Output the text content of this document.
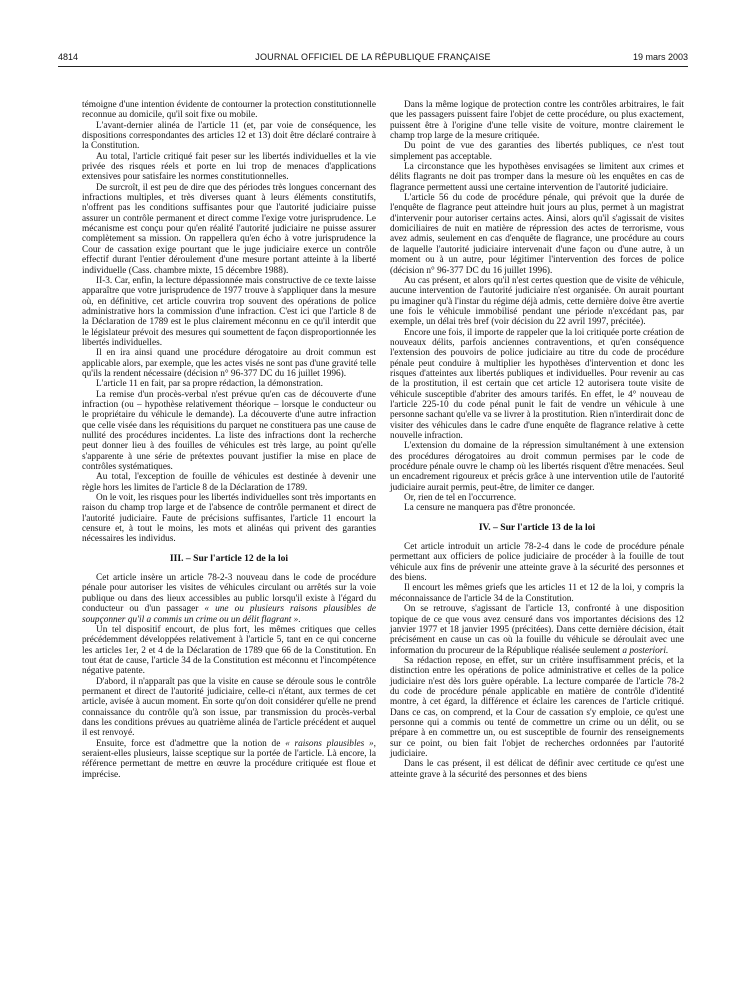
4814	JOURNAL OFFICIEL DE LA RÉPUBLIQUE FRANÇAISE	19 mars 2003

témoigne d'une intention évidente de contourner la protection constitutionnelle reconnue au domicile, qu'il soit fixe ou mobile.

L'avant-dernier alinéa de l'article 11 (et, par voie de conséquence, les dispositions correspondantes des articles 12 et 13) doit être déclaré contraire à la Constitution.

Au total, l'article critiqué fait peser sur les libertés individuelles et la vie privée des risques réels et porte en lui trop de menaces d'applications extensives pour satisfaire les normes constitutionnelles.

De surcroît, il est peu de dire que des périodes très longues concernant des infractions multiples, et très diverses quant à leurs éléments constitutifs, n'offrent pas les conditions suffisantes pour que l'autorité judiciaire puisse assurer un contrôle permanent et direct comme l'exige votre jurisprudence. Le mécanisme est conçu pour qu'en réalité l'autorité judiciaire ne puisse assurer complètement sa mission. On rappellera qu'en écho à votre jurisprudence la Cour de cassation exige pourtant que le juge judiciaire exerce un contrôle effectif durant l'entier déroulement d'une mesure portant atteinte à la liberté individuelle (Cass. chambre mixte, 15 décembre 1988).

II-3. Car, enfin, la lecture dépassionnée mais constructive de ce texte laisse apparaître que votre jurisprudence de 1977 trouve à s'appliquer dans la mesure où, en définitive, cet article couvrira trop souvent des opérations de police administrative hors la commission d'une infraction. C'est ici que l'article 8 de la Déclaration de 1789 est le plus clairement méconnu en ce qu'il interdit que le législateur prévoit des mesures qui soumettent de façon disproportionnée les libertés individuelles.

Il en ira ainsi quand une procédure dérogatoire au droit commun est applicable alors, par exemple, que les actes visés ne sont pas d'une gravité telle qu'ils la rendent nécessaire (décision n° 96-377 DC du 16 juillet 1996).

L'article 11 en fait, par sa propre rédaction, la démonstration.

La remise d'un procès-verbal n'est prévue qu'en cas de découverte d'une infraction (ou – hypothèse relativement théorique – lorsque le conducteur ou le propriétaire du véhicule le demande). La découverte d'une autre infraction que celle visée dans les réquisitions du parquet ne constituera pas une cause de nullité des procédures incidentes. La liste des infractions dont la recherche peut donner lieu à des fouilles de véhicules est très large, au point qu'elle s'apparente à une série de prétextes pouvant justifier la mise en place de contrôles systématiques.

Au total, l'exception de fouille de véhicules est destinée à devenir une règle hors les limites de l'article 8 de la Déclaration de 1789.

On le voit, les risques pour les libertés individuelles sont très importants en raison du champ trop large et de l'absence de contrôle permanent et direct de l'autorité judiciaire. Faute de précisions suffisantes, l'article 11 encourt la censure et, à tout le moins, les mots et alinéas qui privent des garanties nécessaires les individus.

III. – Sur l'article 12 de la loi

Cet article insère un article 78-2-3 nouveau dans le code de procédure pénale pour autoriser les visites de véhicules circulant ou arrêtés sur la voie publique ou dans des lieux accessibles au public lorsqu'il existe à l'égard du conducteur ou d'un passager « une ou plusieurs raisons plausibles de soupçonner qu'il a commis un crime ou un délit flagrant ».

Un tel dispositif encourt, de plus fort, les mêmes critiques que celles précédemment développées relativement à l'article 5, tant en ce qui concerne les articles 1er, 2 et 4 de la Déclaration de 1789 que 66 de la Constitution. En tout état de cause, l'article 34 de la Constitution est méconnu et l'incompétence négative patente.

D'abord, il n'apparaît pas que la visite en cause se déroule sous le contrôle permanent et direct de l'autorité judiciaire, celle-ci n'étant, aux termes de cet article, avisée à aucun moment. En sorte qu'on doit considérer qu'elle ne prend connaissance du contrôle qu'à son issue, par transmission du procès-verbal dans les conditions prévues au quatrième alinéa de l'article précédent et auquel il est renvoyé.

Ensuite, force est d'admettre que la notion de « raisons plausibles », seraient-elles plusieurs, laisse sceptique sur la portée de l'article. Là encore, la référence permettant de mettre en œuvre la procédure critiquée est floue et imprécise.

Dans la même logique de protection contre les contrôles arbitraires, le fait que les passagers puissent faire l'objet de cette procédure, ou plus exactement, puissent être à l'origine d'une telle visite de voiture, montre clairement le champ trop large de la mesure critiquée.

Du point de vue des garanties des libertés publiques, ce n'est tout simplement pas acceptable.

La circonstance que les hypothèses envisagées se limitent aux crimes et délits flagrants ne doit pas tromper dans la mesure où les enquêtes en cas de flagrance permettent aussi une certaine intervention de l'autorité judiciaire.

L'article 56 du code de procédure pénale, qui prévoit que la durée de l'enquête de flagrance peut atteindre huit jours au plus, permet à un magistrat d'intervenir pour autoriser certains actes. Ainsi, alors qu'il s'agissait de visites domiciliaires de nuit en matière de répression des actes de terrorisme, vous avez admis, seulement en cas d'enquête de flagrance, une procédure au cours de laquelle l'autorité judiciaire intervenait d'une façon ou d'une autre, à un moment ou à un autre, pour légitimer l'intervention des forces de police (décision n° 96-377 DC du 16 juillet 1996).

Au cas présent, et alors qu'il n'est certes question que de visite de véhicule, aucune intervention de l'autorité judiciaire n'est organisée. On aurait pourtant pu imaginer qu'à l'instar du régime déjà admis, cette dernière doive être avertie une fois le véhicule immobilisé pendant une période n'excédant pas, par exemple, un délai très bref (voir décision du 22 avril 1997, précitée).

Encore une fois, il importe de rappeler que la loi critiquée porte création de nouveaux délits, parfois anciennes contraventions, et qu'en conséquence l'extension des pouvoirs de police judiciaire au titre du code de procédure pénale peut conduire à multiplier les hypothèses d'intervention et donc les risques d'atteintes aux libertés publiques et individuelles. Pour revenir au cas de la prostitution, il est certain que cet article 12 autorisera toute visite de véhicule susceptible d'abriter des amours tarifés. En effet, le 4° nouveau de l'article 225-10 du code pénal punit le fait de vendre un véhicule à une personne sachant qu'elle va se livrer à la prostitution. Rien n'interdirait donc de visiter des véhicules dans le cadre d'une enquête de flagrance relative à cette nouvelle infraction.

L'extension du domaine de la répression simultanément à une extension des procédures dérogatoires au droit commun permises par le code de procédure pénale ouvre le champ où les libertés risquent d'être menacées. Seul un encadrement rigoureux et précis grâce à une intervention utile de l'autorité judiciaire aurait permis, peut-être, de limiter ce danger.

Or, rien de tel en l'occurrence.

La censure ne manquera pas d'être prononcée.

IV. – Sur l'article 13 de la loi

Cet article introduit un article 78-2-4 dans le code de procédure pénale permettant aux officiers de police judiciaire de procéder à la fouille de tout véhicule aux fins de prévenir une atteinte grave à la sécurité des personnes et des biens.

Il encourt les mêmes griefs que les articles 11 et 12 de la loi, y compris la méconnaissance de l'article 34 de la Constitution.

On se retrouve, s'agissant de l'article 13, confronté à une disposition topique de ce que vous avez censuré dans vos importantes décisions des 12 janvier 1977 et 18 janvier 1995 (précitées). Dans cette dernière décision, était précisément en cause un cas où la fouille du véhicule se déroulait avec une information du procureur de la République réalisée seulement a posteriori.

Sa rédaction repose, en effet, sur un critère insuffisamment précis, et la distinction entre les opérations de police administrative et celles de la police judiciaire n'est dès lors guère opérable. La lecture comparée de l'article 78-2 du code de procédure pénale applicable en matière de contrôle d'identité montre, à cet égard, la différence et éclaire les carences de l'article critiqué. Dans ce cas, on comprend, et la Cour de cassation s'y emploie, ce qu'est une personne qui a commis ou tenté de commettre un crime ou un délit, ou se prépare à en commettre un, ou est susceptible de fournir des renseignements sur ce point, ou bien fait l'objet de recherches ordonnées par l'autorité judiciaire.

Dans le cas présent, il est délicat de définir avec certitude ce qu'est une atteinte grave à la sécurité des personnes et des biens
